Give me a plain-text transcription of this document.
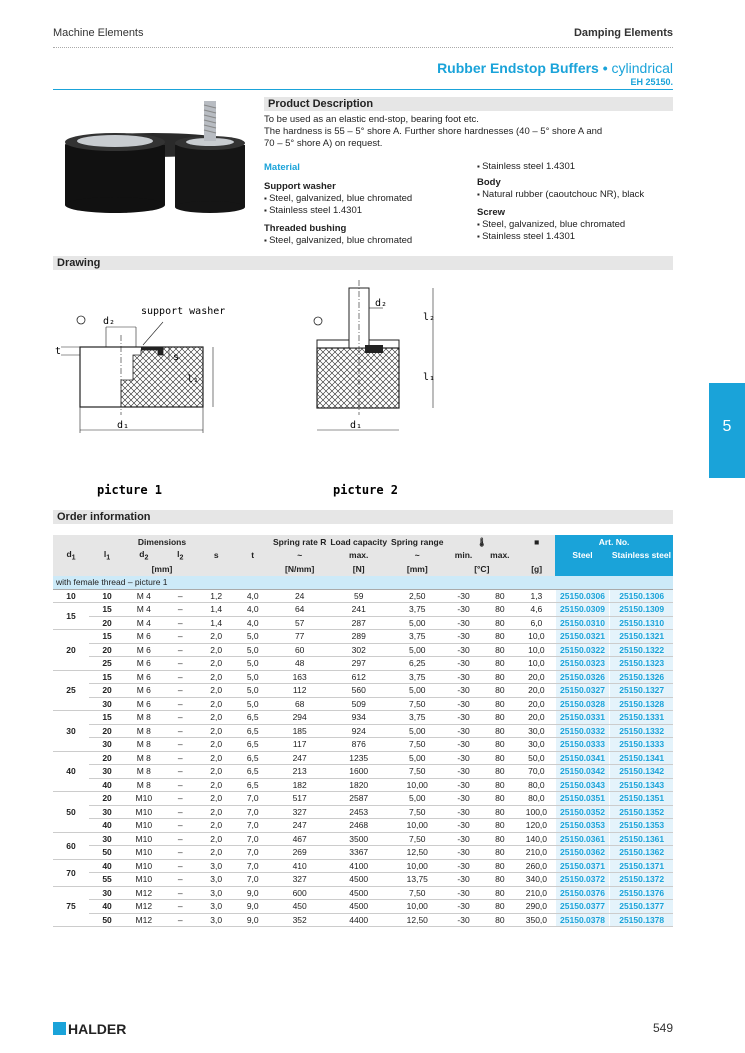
Machine Elements	Damping Elements
Rubber Endstop Buffers • cylindrical
EH 25150.
Product Description
To be used as an elastic end-stop, bearing foot etc.
The hardness is 55 – 5° shore A. Further shore hardnesses (40 – 5° shore A and
70 – 5° shore A) on request.
Material
Support washer
▪ Steel, galvanized, blue chromated
▪ Stainless steel 1.4301
Threaded bushing
▪ Steel, galvanized, blue chromated
▪ Stainless steel 1.4301
Body
▪ Natural rubber (caoutchouc NR), black
Screw
▪ Steel, galvanized, blue chromated
▪ Stainless steel 1.4301
Drawing
d₂
support washer
t
s
l₁
d₁
picture 1
d₂
l₂
l₁
d₁
picture 2
Order information
Dimensions						Spring rate R	Load capacity	Spring range	🌡		■	Art. No.	
$d_1$	$l_1$	$d_2$	$l_2$	s	t	~	max.	~	min.	max.		Steel	Stainless steel
[mm]						[N/mm]	[N]	[mm]	[°C]		[g]		
with female thread – picture 1													
10	10	M 4	–	1,2	4,0	24	59	2,50	-30	80	1,3	25150.0306	25150.1306
15	15	M 4	–	1,4	4,0	64	241	3,75	-30	80	4,6	25150.0309	25150.1309
	20	M 4	–	1,4	4,0	57	287	5,00	-30	80	6,0	25150.0310	25150.1310
20	15	M 6	–	2,0	5,0	77	289	3,75	-30	80	10,0	25150.0321	25150.1321
	20	M 6	–	2,0	5,0	60	302	5,00	-30	80	10,0	25150.0322	25150.1322
	25	M 6	–	2,0	5,0	48	297	6,25	-30	80	10,0	25150.0323	25150.1323
25	15	M 6	–	2,0	5,0	163	612	3,75	-30	80	20,0	25150.0326	25150.1326
	20	M 6	–	2,0	5,0	112	560	5,00	-30	80	20,0	25150.0327	25150.1327
	30	M 6	–	2,0	5,0	68	509	7,50	-30	80	20,0	25150.0328	25150.1328
30	15	M 8	–	2,0	6,5	294	934	3,75	-30	80	20,0	25150.0331	25150.1331
	20	M 8	–	2,0	6,5	185	924	5,00	-30	80	30,0	25150.0332	25150.1332
	30	M 8	–	2,0	6,5	117	876	7,50	-30	80	30,0	25150.0333	25150.1333
40	20	M 8	–	2,0	6,5	247	1235	5,00	-30	80	50,0	25150.0341	25150.1341
	30	M 8	–	2,0	6,5	213	1600	7,50	-30	80	70,0	25150.0342	25150.1342
	40	M 8	–	2,0	6,5	182	1820	10,00	-30	80	80,0	25150.0343	25150.1343
50	20	M10	–	2,0	7,0	517	2587	5,00	-30	80	80,0	25150.0351	25150.1351
	30	M10	–	2,0	7,0	327	2453	7,50	-30	80	100,0	25150.0352	25150.1352
	40	M10	–	2,0	7,0	247	2468	10,00	-30	80	120,0	25150.0353	25150.1353
60	30	M10	–	2,0	7,0	467	3500	7,50	-30	80	140,0	25150.0361	25150.1361
	50	M10	–	2,0	7,0	269	3367	12,50	-30	80	210,0	25150.0362	25150.1362
70	40	M10	–	3,0	7,0	410	4100	10,00	-30	80	260,0	25150.0371	25150.1371
	55	M10	–	3,0	7,0	327	4500	13,75	-30	80	340,0	25150.0372	25150.1372
75	30	M12	–	3,0	9,0	600	4500	7,50	-30	80	210,0	25150.0376	25150.1376
	40	M12	–	3,0	9,0	450	4500	10,00	-30	80	290,0	25150.0377	25150.1377
	50	M12	–	3,0	9,0	352	4400	12,50	-30	80	350,0	25150.0378	25150.1378
5
HALDER	549
